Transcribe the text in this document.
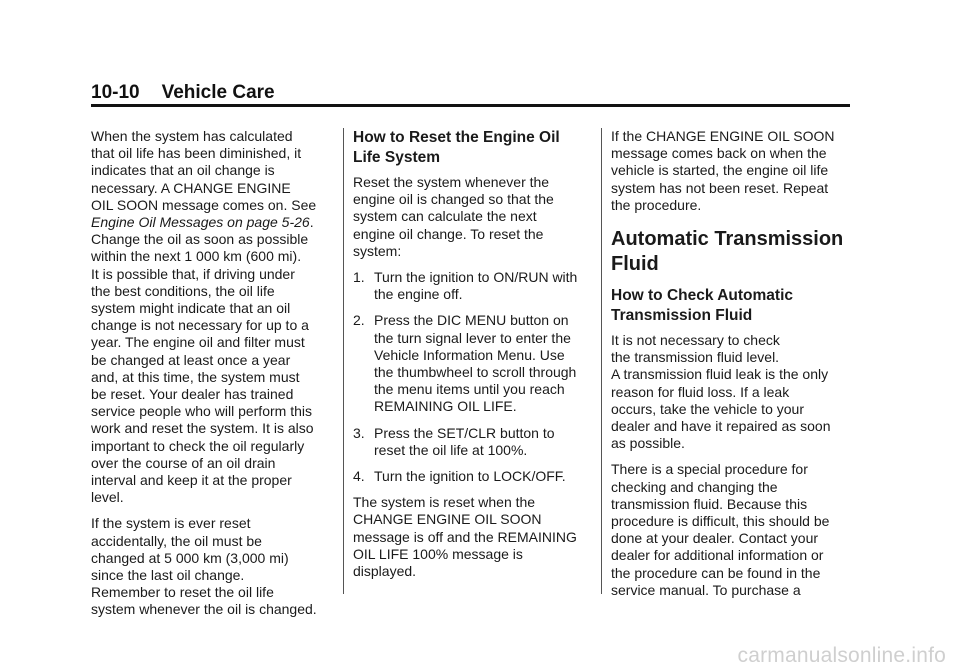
10-10 Vehicle Care

When the system has calculated
that oil life has been diminished, it
indicates that an oil change is
necessary. A CHANGE ENGINE
OIL SOON message comes on. See
Engine Oil Messages on page 5-26.
Change the oil as soon as possible
within the next 1 000 km (600 mi).
It is possible that, if driving under
the best conditions, the oil life
system might indicate that an oil
change is not necessary for up to a
year. The engine oil and filter must
be changed at least once a year
and, at this time, the system must
be reset. Your dealer has trained
service people who will perform this
work and reset the system. It is also
important to check the oil regularly
over the course of an oil drain
interval and keep it at the proper
level.

If the system is ever reset
accidentally, the oil must be
changed at 5 000 km (3,000 mi)
since the last oil change.
Remember to reset the oil life
system whenever the oil is changed.

How to Reset the Engine Oil
Life System

Reset the system whenever the
engine oil is changed so that the
system can calculate the next
engine oil change. To reset the
system:

1. Turn the ignition to ON/RUN with
the engine off.
2. Press the DIC MENU button on
the turn signal lever to enter the
Vehicle Information Menu. Use
the thumbwheel to scroll through
the menu items until you reach
REMAINING OIL LIFE.
3. Press the SET/CLR button to
reset the oil life at 100%.
4. Turn the ignition to LOCK/OFF.

The system is reset when the
CHANGE ENGINE OIL SOON
message is off and the REMAINING
OIL LIFE 100% message is
displayed.

If the CHANGE ENGINE OIL SOON
message comes back on when the
vehicle is started, the engine oil life
system has not been reset. Repeat
the procedure.

Automatic Transmission
Fluid
How to Check Automatic
Transmission Fluid

It is not necessary to check
the transmission fluid level.
A transmission fluid leak is the only
reason for fluid loss. If a leak
occurs, take the vehicle to your
dealer and have it repaired as soon
as possible.

There is a special procedure for
checking and changing the
transmission fluid. Because this
procedure is difficult, this should be
done at your dealer. Contact your
dealer for additional information or
the procedure can be found in the
service manual. To purchase a

carmanualsonline.info
